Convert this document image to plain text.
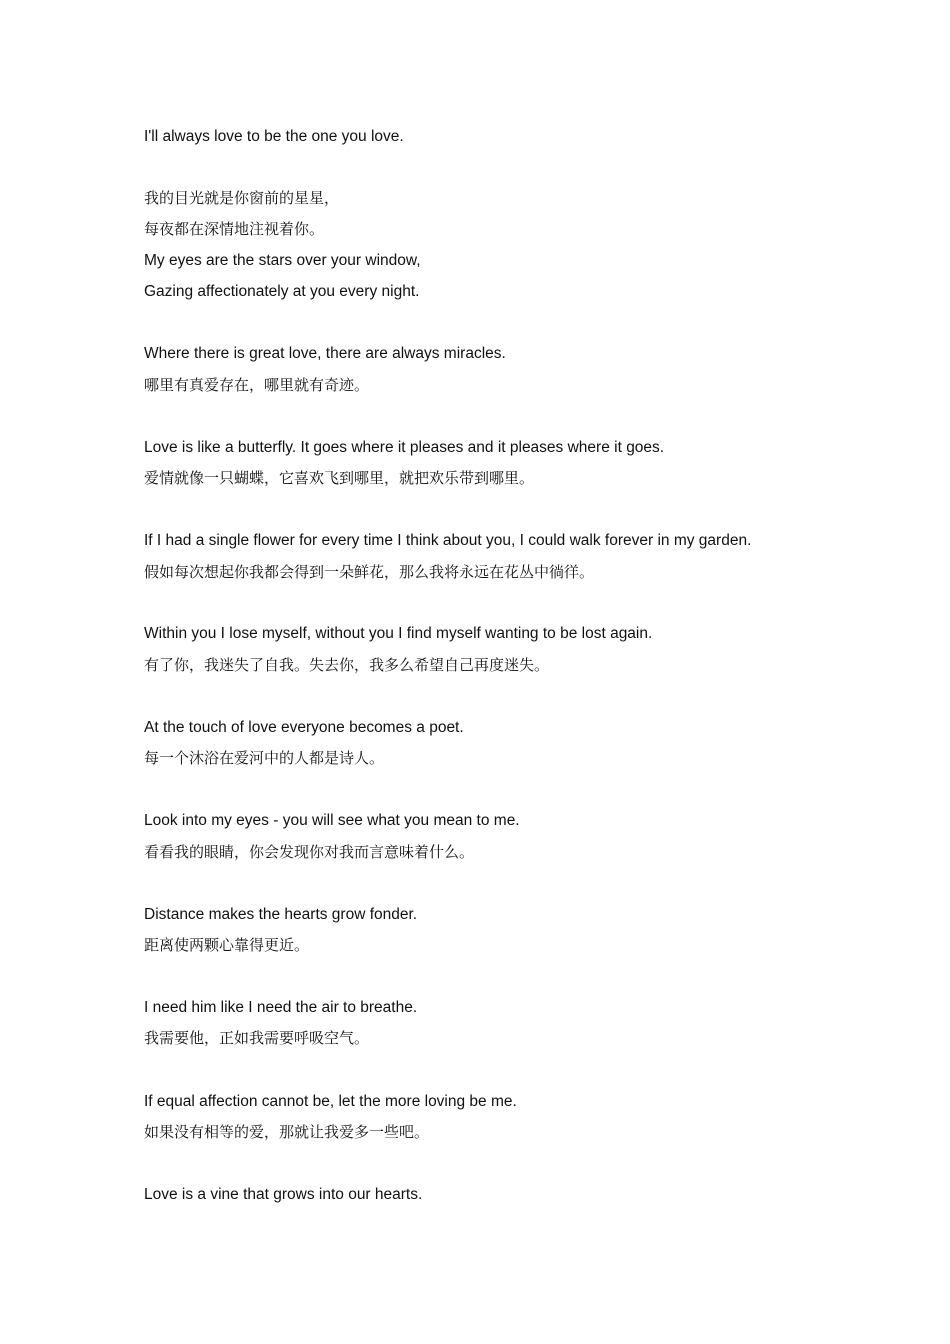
I'll always love to be the one you love.

我的目光就是你窗前的星星，

每夜都在深情地注视着你。

My eyes are the stars over your window,

Gazing affectionately at you every night.

Where there is great love, there are always miracles.

哪里有真爱存在，哪里就有奇迹。

Love is like a butterfly. It goes where it pleases and it pleases where it goes.

爱情就像一只蝴蝶，它喜欢飞到哪里，就把欢乐带到哪里。

If I had a single flower for every time I think about you, I could walk forever in my garden.

假如每次想起你我都会得到一朵鲜花，那么我将永远在花丛中徜徉。

Within you I lose myself, without you I find myself wanting to be lost again.

有了你，我迷失了自我。失去你，我多么希望自己再度迷失。

At the touch of love everyone becomes a poet.

每一个沐浴在爱河中的人都是诗人。

Look into my eyes - you will see what you mean to me.

看看我的眼睛，你会发现你对我而言意味着什么。

Distance makes the hearts grow fonder.

距离使两颗心靠得更近。

I need him like I need the air to breathe.

我需要他，正如我需要呼吸空气。

If equal affection cannot be, let the more loving be me.

如果没有相等的爱，那就让我爱多一些吧。

Love is a vine that grows into our hearts.
